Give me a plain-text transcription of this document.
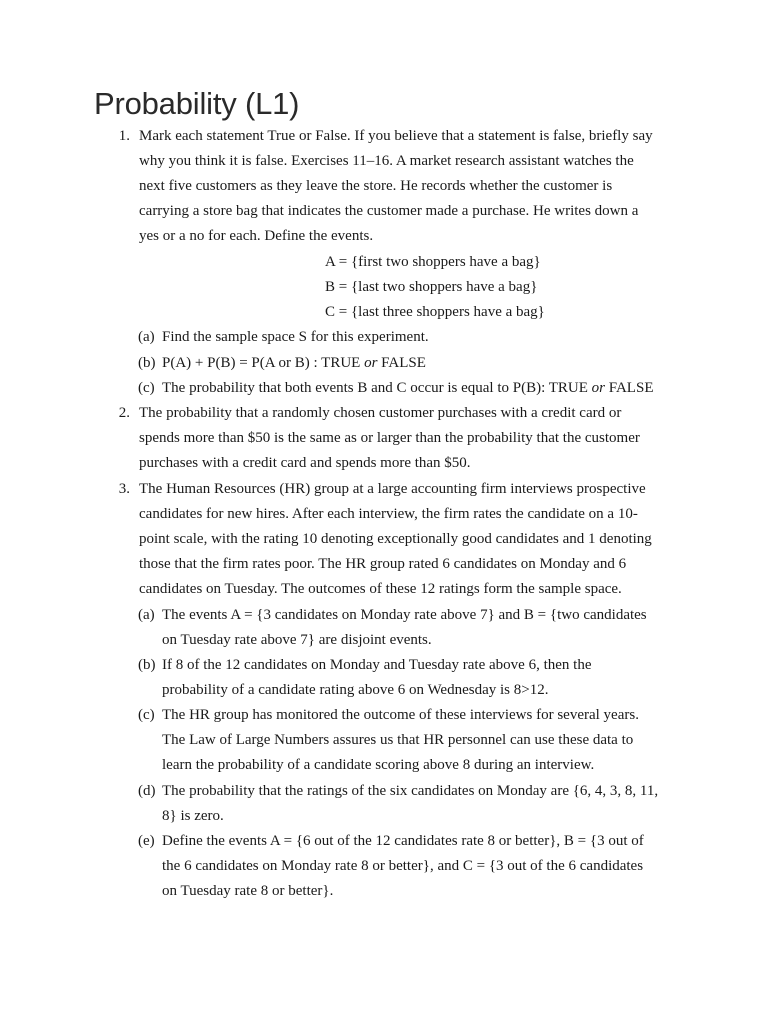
Probability (L1)
1. Mark each statement True or False. If you believe that a statement is false, briefly say
why you think it is false. Exercises 11–16. A market research assistant watches the
next five customers as they leave the store. He records whether the customer is
carrying a store bag that indicates the customer made a purchase. He writes down a
yes or a no for each. Define the events.
A = {first two shoppers have a bag}
B = {last two shoppers have a bag}
C = {last three shoppers have a bag}
(a) Find the sample space S for this experiment.
(b) P(A) + P(B) = P(A or B) : TRUE or FALSE
(c) The probability that both events B and C occur is equal to P(B): TRUE or FALSE
2. The probability that a randomly chosen customer purchases with a credit card or
spends more than $50 is the same as or larger than the probability that the customer
purchases with a credit card and spends more than $50.
3. The Human Resources (HR) group at a large accounting firm interviews prospective
candidates for new hires. After each interview, the firm rates the candidate on a 10-
point scale, with the rating 10 denoting exceptionally good candidates and 1 denoting
those that the firm rates poor. The HR group rated 6 candidates on Monday and 6
candidates on Tuesday. The outcomes of these 12 ratings form the sample space.
(a) The events A = {3 candidates on Monday rate above 7} and B = {two candidates
on Tuesday rate above 7} are disjoint events.
(b) If 8 of the 12 candidates on Monday and Tuesday rate above 6, then the
probability of a candidate rating above 6 on Wednesday is 8>12.
(c) The HR group has monitored the outcome of these interviews for several years.
The Law of Large Numbers assures us that HR personnel can use these data to
learn the probability of a candidate scoring above 8 during an interview.
(d) The probability that the ratings of the six candidates on Monday are {6, 4, 3, 8, 11,
8} is zero.
(e) Define the events A = {6 out of the 12 candidates rate 8 or better}, B = {3 out of
the 6 candidates on Monday rate 8 or better}, and C = {3 out of the 6 candidates
on Tuesday rate 8 or better}.
